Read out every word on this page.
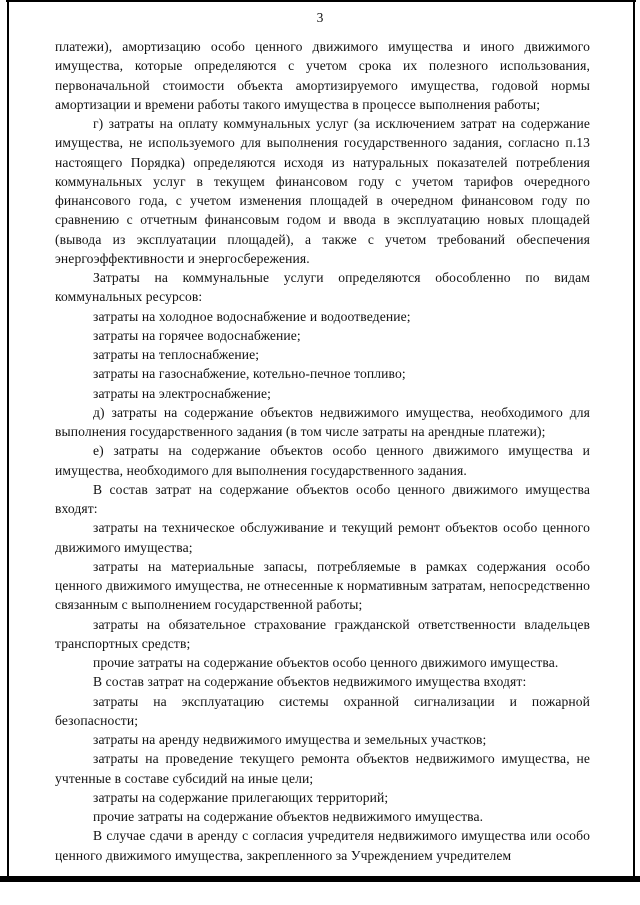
3

платежи), амортизацию особо ценного движимого имущества и иного движимого имущества, которые определяются с учетом срока их полезного использования, первоначальной стоимости объекта амортизируемого имущества, годовой нормы амортизации и времени работы такого имущества в процессе выполнения работы;

г) затраты на оплату коммунальных услуг (за исключением затрат на содержание имущества, не используемого для выполнения государственного задания, согласно п.13 настоящего Порядка) определяются исходя из натуральных показателей потребления коммунальных услуг в текущем финансовом году с учетом тарифов очередного финансового года, с учетом изменения площадей в очередном финансовом году по сравнению с отчетным финансовым годом и ввода в эксплуатацию новых площадей (вывода из эксплуатации площадей), а также с учетом требований обеспечения энергоэффективности и энергосбережения.

Затраты на коммунальные услуги определяются обособленно по видам коммунальных ресурсов:

затраты на холодное водоснабжение и водоотведение;

затраты на горячее водоснабжение;

затраты на теплоснабжение;

затраты на газоснабжение, котельно-печное топливо;

затраты на электроснабжение;

д) затраты на содержание объектов недвижимого имущества, необходимого для выполнения государственного задания (в том числе затраты на арендные платежи);

е) затраты на содержание объектов особо ценного движимого имущества и имущества, необходимого для выполнения государственного задания.

В состав затрат на содержание объектов особо ценного движимого имущества входят:

затраты на техническое обслуживание и текущий ремонт объектов особо ценного движимого имущества;

затраты на материальные запасы, потребляемые в рамках содержания особо ценного движимого имущества, не отнесенные к нормативным затратам, непосредственно связанным с выполнением государственной работы;

затраты на обязательное страхование гражданской ответственности владельцев транспортных средств;

прочие затраты на содержание объектов особо ценного движимого имущества.

В состав затрат на содержание объектов недвижимого имущества входят:

затраты на эксплуатацию системы охранной сигнализации и пожарной безопасности;

затраты на аренду недвижимого имущества и земельных участков;

затраты на проведение текущего ремонта объектов недвижимого имущества, не учтенные в составе субсидий на иные цели;

затраты на содержание прилегающих территорий;

прочие затраты на содержание объектов недвижимого имущества.

В случае сдачи в аренду с согласия учредителя недвижимого имущества или особо ценного движимого имущества, закрепленного за Учреждением учредителем
